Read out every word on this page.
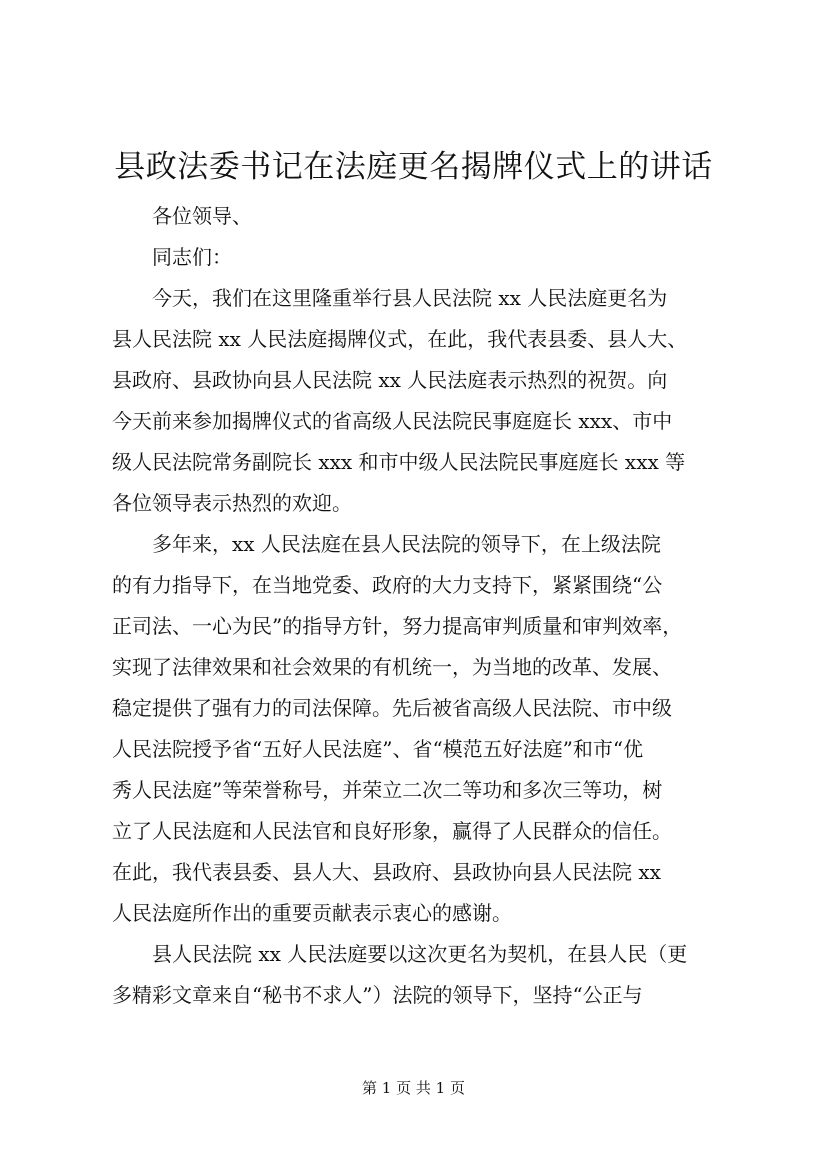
县政法委书记在法庭更名揭牌仪式上的讲话
各位领导、
同志们：
今天，我们在这里隆重举行县人民法院 xx 人民法庭更名为
县人民法院 xx 人民法庭揭牌仪式，在此，我代表县委、县人大、
县政府、县政协向县人民法院 xx 人民法庭表示热烈的祝贺。向
今天前来参加揭牌仪式的省高级人民法院民事庭庭长 xxx、市中
级人民法院常务副院长 xxx 和市中级人民法院民事庭庭长 xxx 等
各位领导表示热烈的欢迎。
多年来，xx 人民法庭在县人民法院的领导下，在上级法院
的有力指导下，在当地党委、政府的大力支持下，紧紧围绕“公
正司法、一心为民”的指导方针，努力提高审判质量和审判效率，
实现了法律效果和社会效果的有机统一，为当地的改革、发展、
稳定提供了强有力的司法保障。先后被省高级人民法院、市中级
人民法院授予省“五好人民法庭”、省“模范五好法庭”和市“优
秀人民法庭”等荣誉称号，并荣立二次二等功和多次三等功，树
立了人民法庭和人民法官和良好形象，赢得了人民群众的信任。
在此，我代表县委、县人大、县政府、县政协向县人民法院 xx
人民法庭所作出的重要贡献表示衷心的感谢。
县人民法院 xx 人民法庭要以这次更名为契机，在县人民（更
多精彩文章来自“秘书不求人”）法院的领导下，坚持“公正与
第 1 页 共 1 页
